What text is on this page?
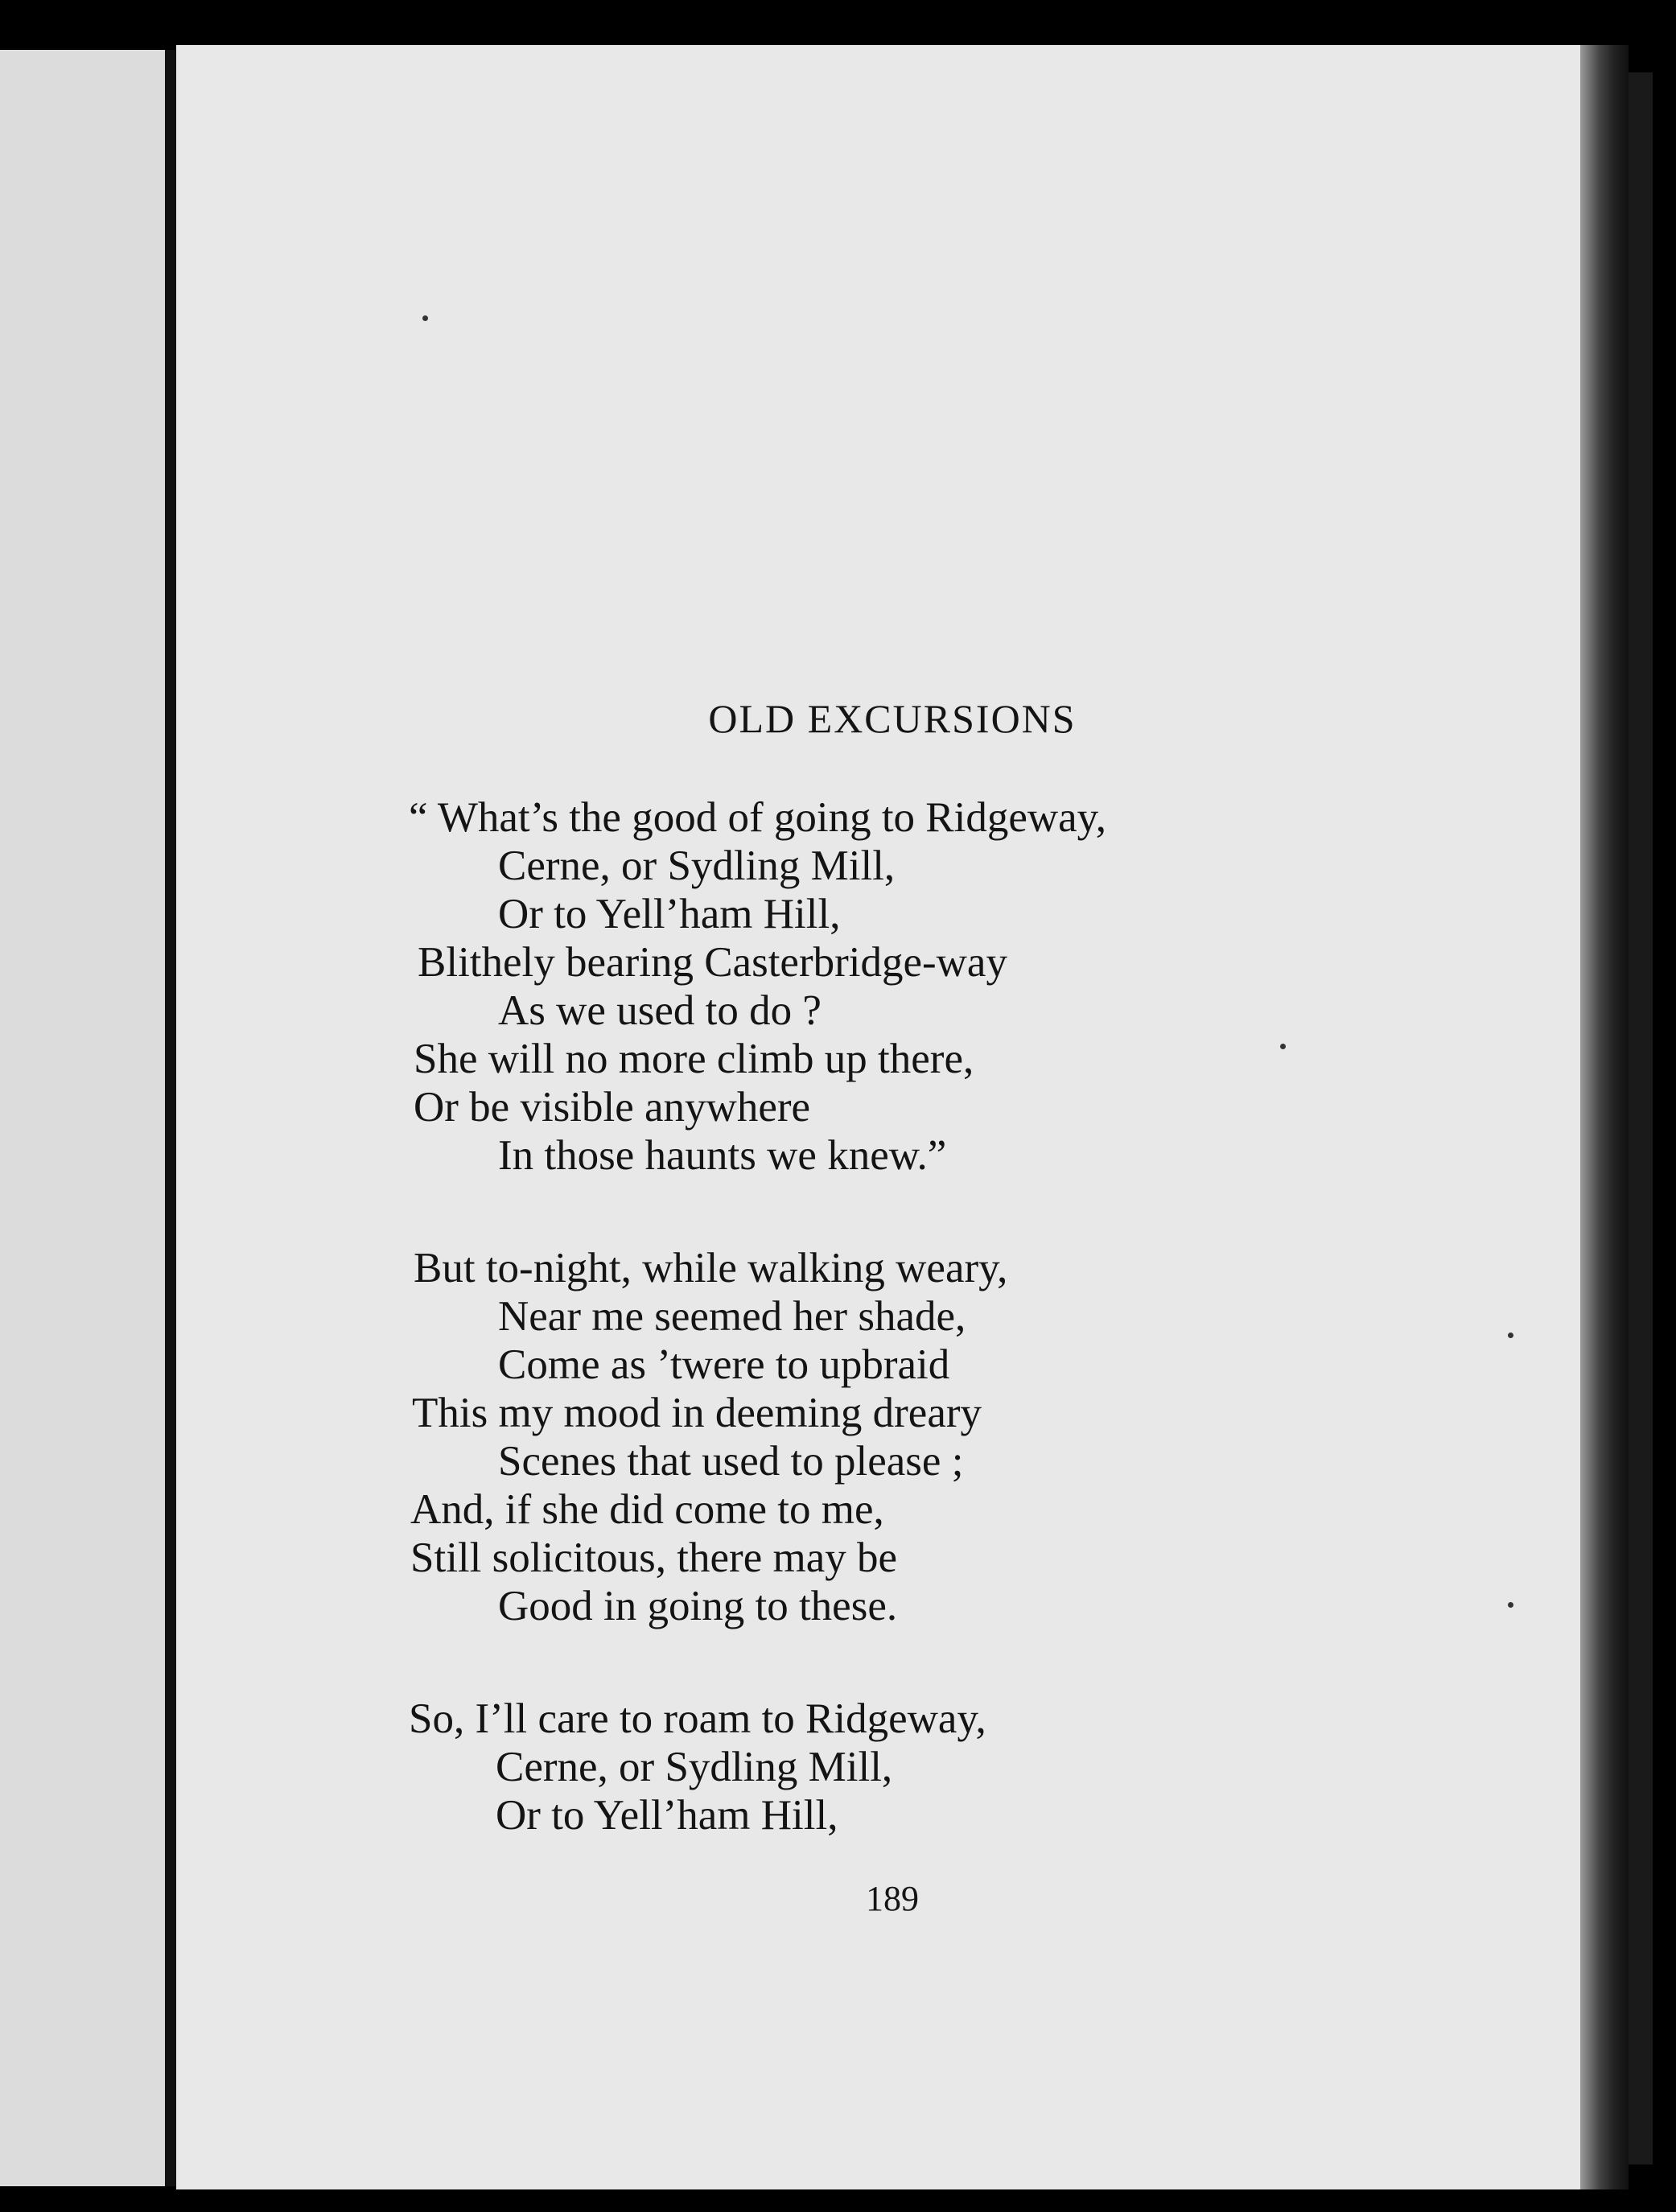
OLD EXCURSIONS
“ What’s the good of going to Ridgeway,
Cerne, or Sydling Mill,
Or to Yell’ham Hill,
Blithely bearing Casterbridge-way
As we used to do ?
She will no more climb up there,
Or be visible anywhere
In those haunts we knew.”
But to-night, while walking weary,
Near me seemed her shade,
Come as ’twere to upbraid
This my mood in deeming dreary
Scenes that used to please ;
And, if she did come to me,
Still solicitous, there may be
Good in going to these.
So, I’ll care to roam to Ridgeway,
Cerne, or Sydling Mill,
Or to Yell’ham Hill,
189
